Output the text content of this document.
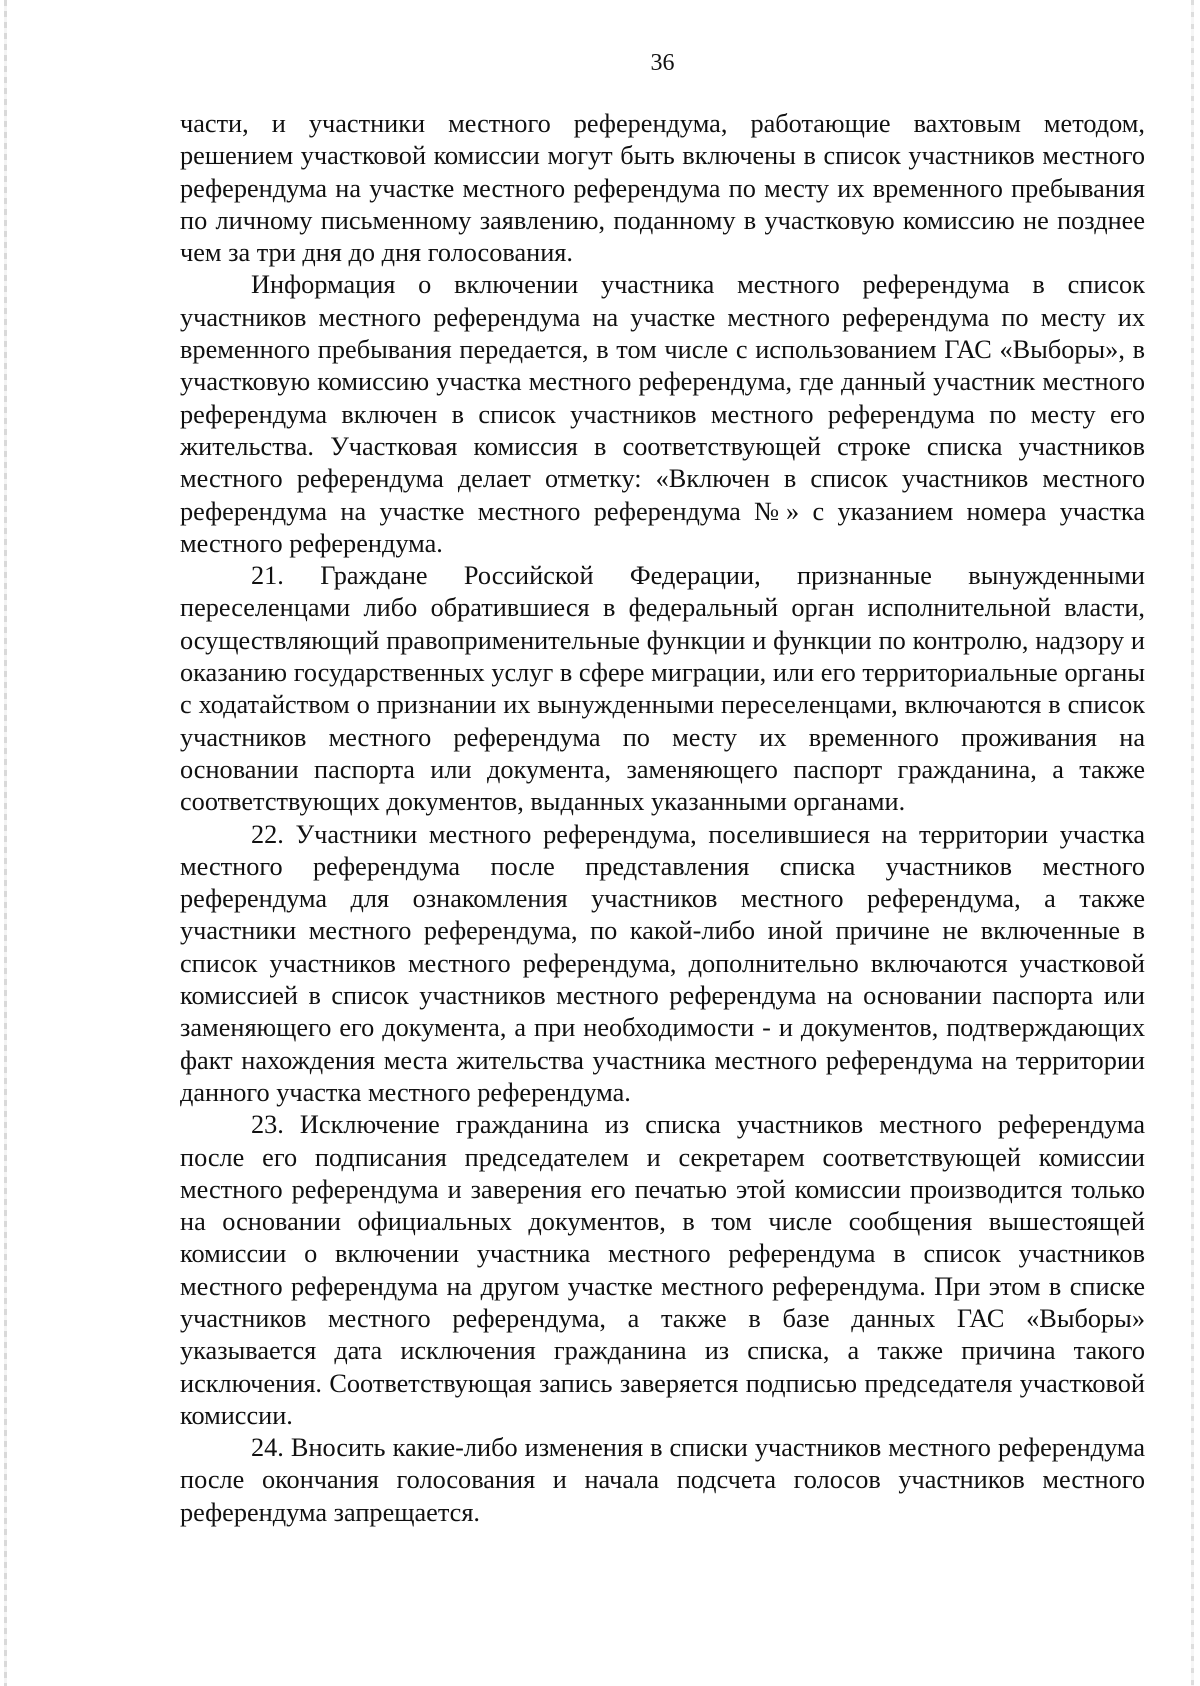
36

части, и участники местного референдума, работающие вахтовым методом, решением участковой комиссии могут быть включены в список участников местного референдума на участке местного референдума по месту их временного пребывания по личному письменному заявлению, поданному в участковую комиссию не позднее чем за три дня до дня голосования.

Информация о включении участника местного референдума в список участников местного референдума на участке местного референдума по месту их временного пребывания передается, в том числе с использованием ГАС «Выборы», в участковую комиссию участка местного референдума, где данный участник местного референдума включен в список участников местного референдума по месту его жительства. Участковая комиссия в соответствующей строке списка участников местного референдума делает отметку: «Включен в список участников местного референдума на участке местного референдума №» с указанием номера участка местного референдума.

21. Граждане Российской Федерации, признанные вынужденными переселенцами либо обратившиеся в федеральный орган исполнительной власти, осуществляющий правоприменительные функции и функции по контролю, надзору и оказанию государственных услуг в сфере миграции, или его территориальные органы с ходатайством о признании их вынужденными переселенцами, включаются в список участников местного референдума по месту их временного проживания на основании паспорта или документа, заменяющего паспорт гражданина, а также соответствующих документов, выданных указанными органами.

22. Участники местного референдума, поселившиеся на территории участка местного референдума после представления списка участников местного референдума для ознакомления участников местного референдума, а также участники местного референдума, по какой-либо иной причине не включенные в список участников местного референдума, дополнительно включаются участковой комиссией в список участников местного референдума на основании паспорта или заменяющего его документа, а при необходимости - и документов, подтверждающих факт нахождения места жительства участника местного референдума на территории данного участка местного референдума.

23. Исключение гражданина из списка участников местного референдума после его подписания председателем и секретарем соответствующей комиссии местного референдума и заверения его печатью этой комиссии производится только на основании официальных документов, в том числе сообщения вышестоящей комиссии о включении участника местного референдума в список участников местного референдума на другом участке местного референдума. При этом в списке участников местного референдума, а также в базе данных ГАС «Выборы» указывается дата исключения гражданина из списка, а также причина такого исключения. Соответствующая запись заверяется подписью председателя участковой комиссии.

24. Вносить какие-либо изменения в списки участников местного референдума после окончания голосования и начала подсчета голосов участников местного референдума запрещается.
